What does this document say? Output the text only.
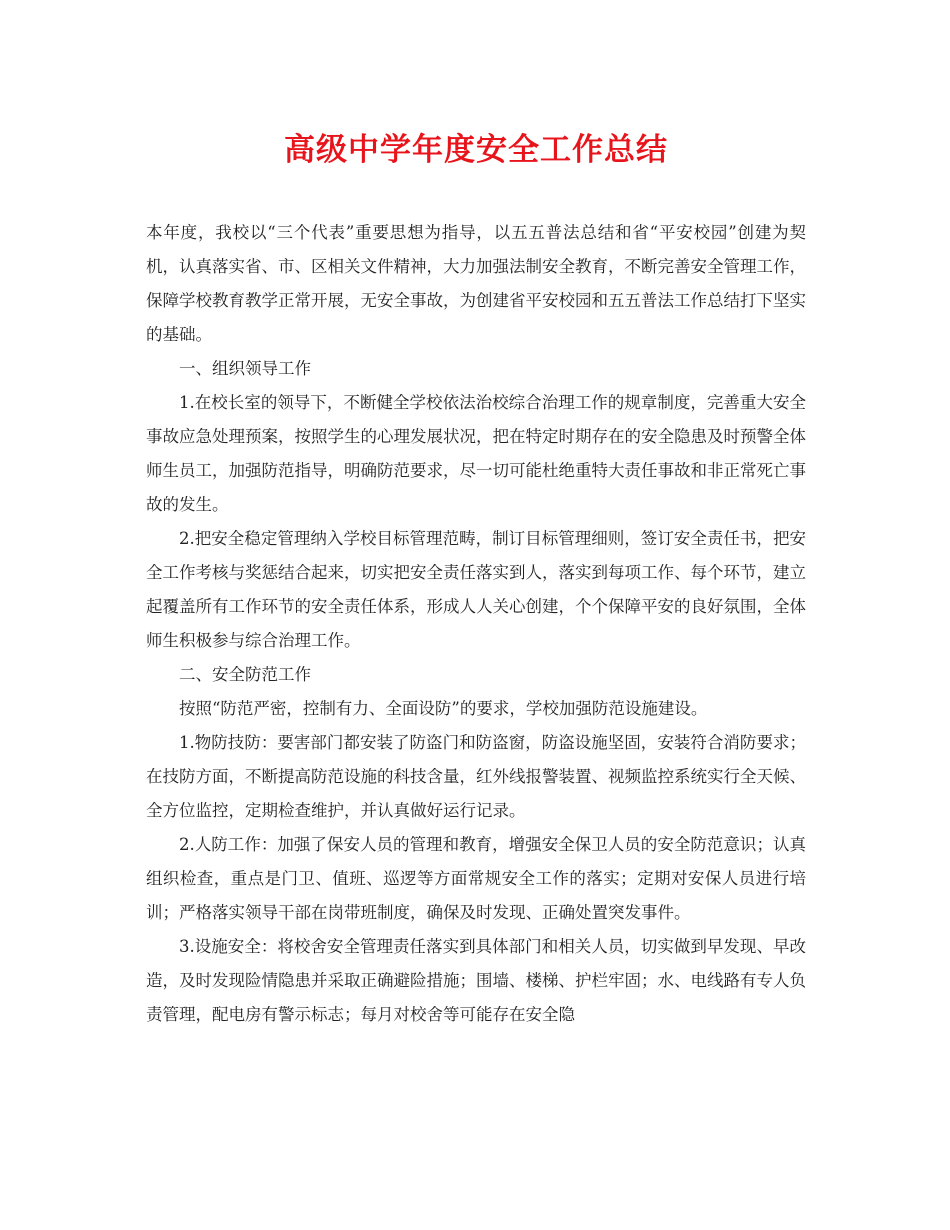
高级中学年度安全工作总结

本年度，我校以“三个代表”重要思想为指导，以五五普法总结和省“平安校园”创建为契机，认真落实省、市、区相关文件精神，大力加强法制安全教育，不断完善安全管理工作，保障学校教育教学正常开展，无安全事故，为创建省平安校园和五五普法工作总结打下坚实的基础。

一、组织领导工作

1.在校长室的领导下，不断健全学校依法治校综合治理工作的规章制度，完善重大安全事故应急处理预案，按照学生的心理发展状况，把在特定时期存在的安全隐患及时预警全体师生员工，加强防范指导，明确防范要求，尽一切可能杜绝重特大责任事故和非正常死亡事故的发生。

2.把安全稳定管理纳入学校目标管理范畴，制订目标管理细则，签订安全责任书，把安全工作考核与奖惩结合起来，切实把安全责任落实到人，落实到每项工作、每个环节，建立起覆盖所有工作环节的安全责任体系，形成人人关心创建，个个保障平安的良好氛围，全体师生积极参与综合治理工作。

二、安全防范工作

按照“防范严密，控制有力、全面设防”的要求，学校加强防范设施建设。

1.物防技防：要害部门都安装了防盗门和防盗窗，防盗设施坚固，安装符合消防要求；在技防方面，不断提高防范设施的科技含量，红外线报警装置、视频监控系统实行全天候、全方位监控，定期检查维护，并认真做好运行记录。

2.人防工作：加强了保安人员的管理和教育，增强安全保卫人员的安全防范意识；认真组织检查，重点是门卫、值班、巡逻等方面常规安全工作的落实；定期对安保人员进行培训；严格落实领导干部在岗带班制度，确保及时发现、正确处置突发事件。

3.设施安全：将校舍安全管理责任落实到具体部门和相关人员，切实做到早发现、早改造，及时发现险情隐患并采取正确避险措施；围墙、楼梯、护栏牢固；水、电线路有专人负责管理，配电房有警示标志；每月对校舍等可能存在安全隐
